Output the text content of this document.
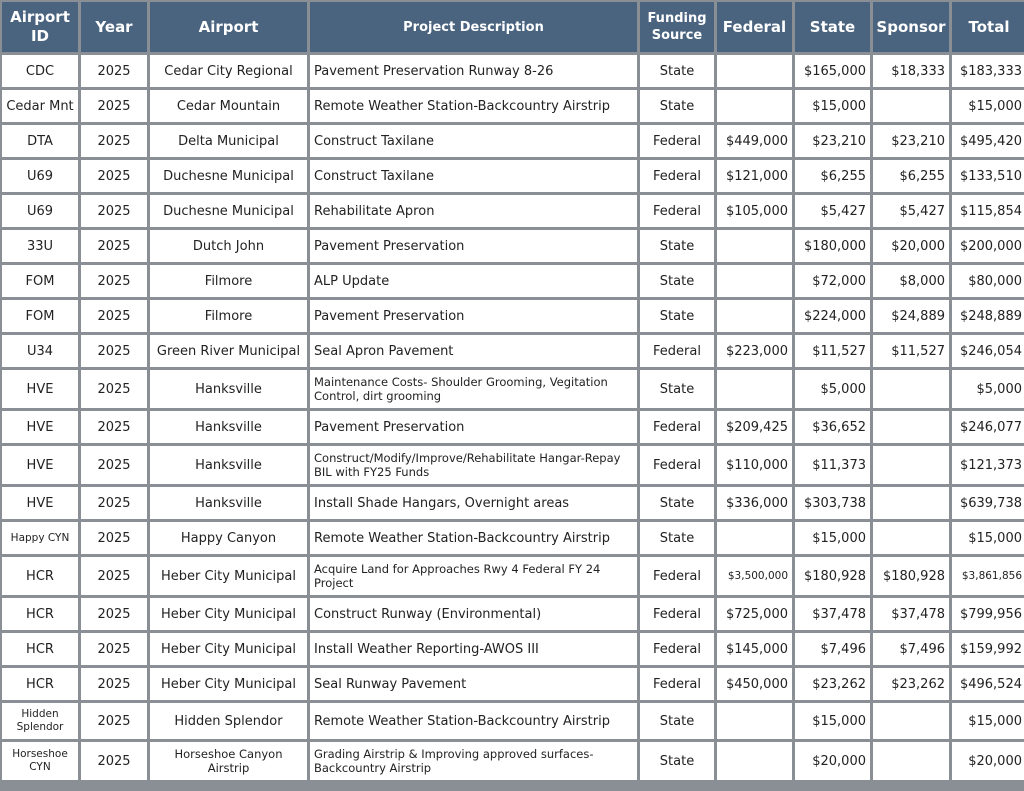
Airport ID	Year	Airport	Project Description	Funding Source	Federal	State	Sponsor	Total
CDC	2025	Cedar City Regional	Pavement Preservation Runway 8-26	State		$165,000	$18,333	$183,333
Cedar Mnt	2025	Cedar Mountain	Remote Weather Station-Backcountry Airstrip	State		$15,000		$15,000
DTA	2025	Delta Municipal	Construct Taxilane	Federal	$449,000	$23,210	$23,210	$495,420
U69	2025	Duchesne Municipal	Construct Taxilane	Federal	$121,000	$6,255	$6,255	$133,510
U69	2025	Duchesne Municipal	Rehabilitate Apron	Federal	$105,000	$5,427	$5,427	$115,854
33U	2025	Dutch John	Pavement Preservation	State		$180,000	$20,000	$200,000
FOM	2025	Filmore	ALP Update	State		$72,000	$8,000	$80,000
FOM	2025	Filmore	Pavement Preservation	State		$224,000	$24,889	$248,889
U34	2025	Green River Municipal	Seal Apron Pavement	Federal	$223,000	$11,527	$11,527	$246,054
HVE	2025	Hanksville	Maintenance Costs- Shoulder Grooming, Vegitation Control, dirt grooming	State		$5,000		$5,000
HVE	2025	Hanksville	Pavement Preservation	Federal	$209,425	$36,652		$246,077
HVE	2025	Hanksville	Construct/Modify/Improve/Rehabilitate Hangar-Repay BIL with FY25 Funds	Federal	$110,000	$11,373		$121,373
HVE	2025	Hanksville	Install Shade Hangars, Overnight areas	State	$336,000	$303,738		$639,738
Happy CYN	2025	Happy Canyon	Remote Weather Station-Backcountry Airstrip	State		$15,000		$15,000
HCR	2025	Heber City Municipal	Acquire Land for Approaches Rwy 4 Federal FY 24 Project	Federal	$3,500,000	$180,928	$180,928	$3,861,856
HCR	2025	Heber City Municipal	Construct Runway (Environmental)	Federal	$725,000	$37,478	$37,478	$799,956
HCR	2025	Heber City Municipal	Install Weather Reporting-AWOS III	Federal	$145,000	$7,496	$7,496	$159,992
HCR	2025	Heber City Municipal	Seal Runway Pavement	Federal	$450,000	$23,262	$23,262	$496,524
Hidden Splendor	2025	Hidden Splendor	Remote Weather Station-Backcountry Airstrip	State		$15,000		$15,000
Horseshoe CYN	2025	Horseshoe Canyon Airstrip	Grading Airstrip & Improving approved surfaces- Backcountry Airstrip	State		$20,000		$20,000
